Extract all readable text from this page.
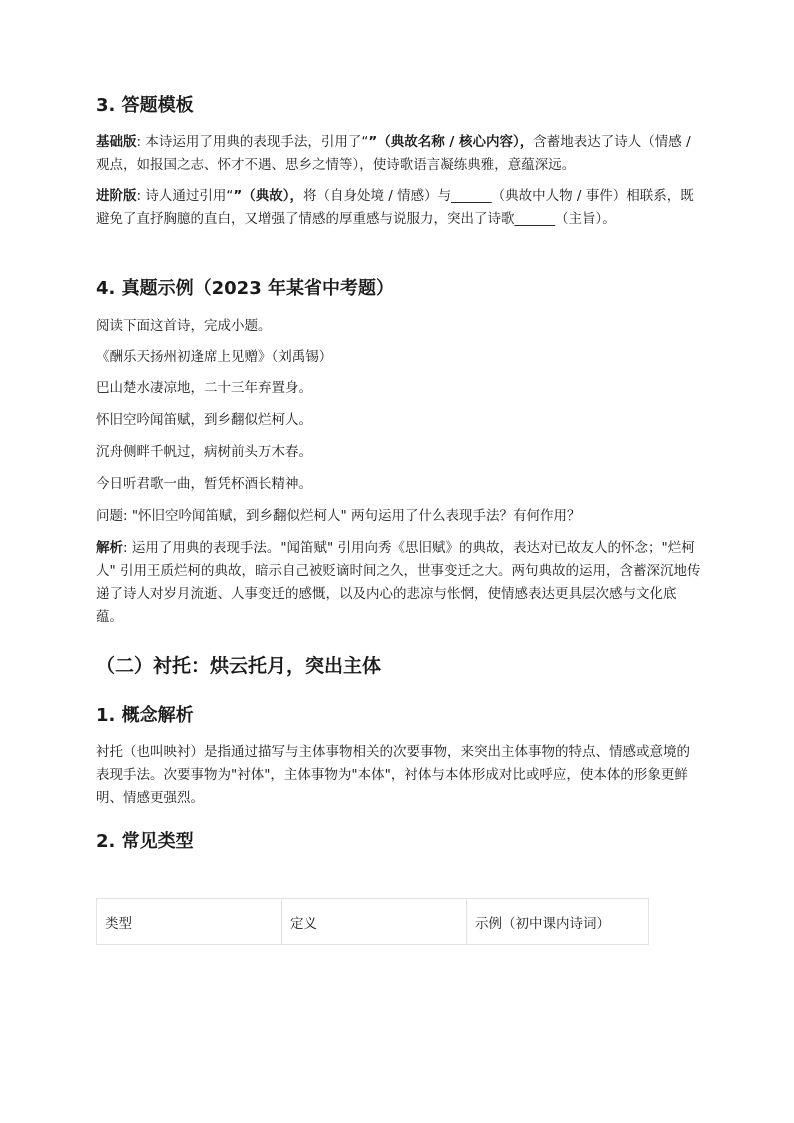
3. 答题模板

基础版: 本诗运用了用典的表现手法，引用了“”（典故名称 / 核心内容），含蓄地表达了诗人（情感 / 观点，如报国之志、怀才不遇、思乡之情等），使诗歌语言凝练典雅，意蕴深远。

进阶版: 诗人通过引用“”（典故），将（自身处境 / 情感）与______（典故中人物 / 事件）相联系，既避免了直抒胸臆的直白，又增强了情感的厚重感与说服力，突出了诗歌______（主旨）。

4. 真题示例（2023 年某省中考题）

阅读下面这首诗，完成小题。

《酬乐天扬州初逢席上见赠》（刘禹锡）

巴山楚水凄凉地，二十三年弃置身。

怀旧空吟闻笛赋，到乡翻似烂柯人。

沉舟侧畔千帆过，病树前头万木春。

今日听君歌一曲，暂凭杯酒长精神。

问题: "怀旧空吟闻笛赋，到乡翻似烂柯人" 两句运用了什么表现手法？有何作用？

解析: 运用了用典的表现手法。"闻笛赋" 引用向秀《思旧赋》的典故，表达对已故友人的怀念；"烂柯人" 引用王质烂柯的典故，暗示自己被贬谪时间之久，世事变迁之大。两句典故的运用，含蓄深沉地传递了诗人对岁月流逝、人事变迁的感慨，以及内心的悲凉与怅惘，使情感表达更具层次感与文化底蕴。

（二）衬托：烘云托月，突出主体
1. 概念解析

衬托（也叫映衬）是指通过描写与主体事物相关的次要事物，来突出主体事物的特点、情感或意境的表现手法。次要事物为"衬体"，主体事物为"本体"，衬体与本体形成对比或呼应，使本体的形象更鲜明、情感更强烈。

2. 常见类型
类型	定义	示例（初中课内诗词）
